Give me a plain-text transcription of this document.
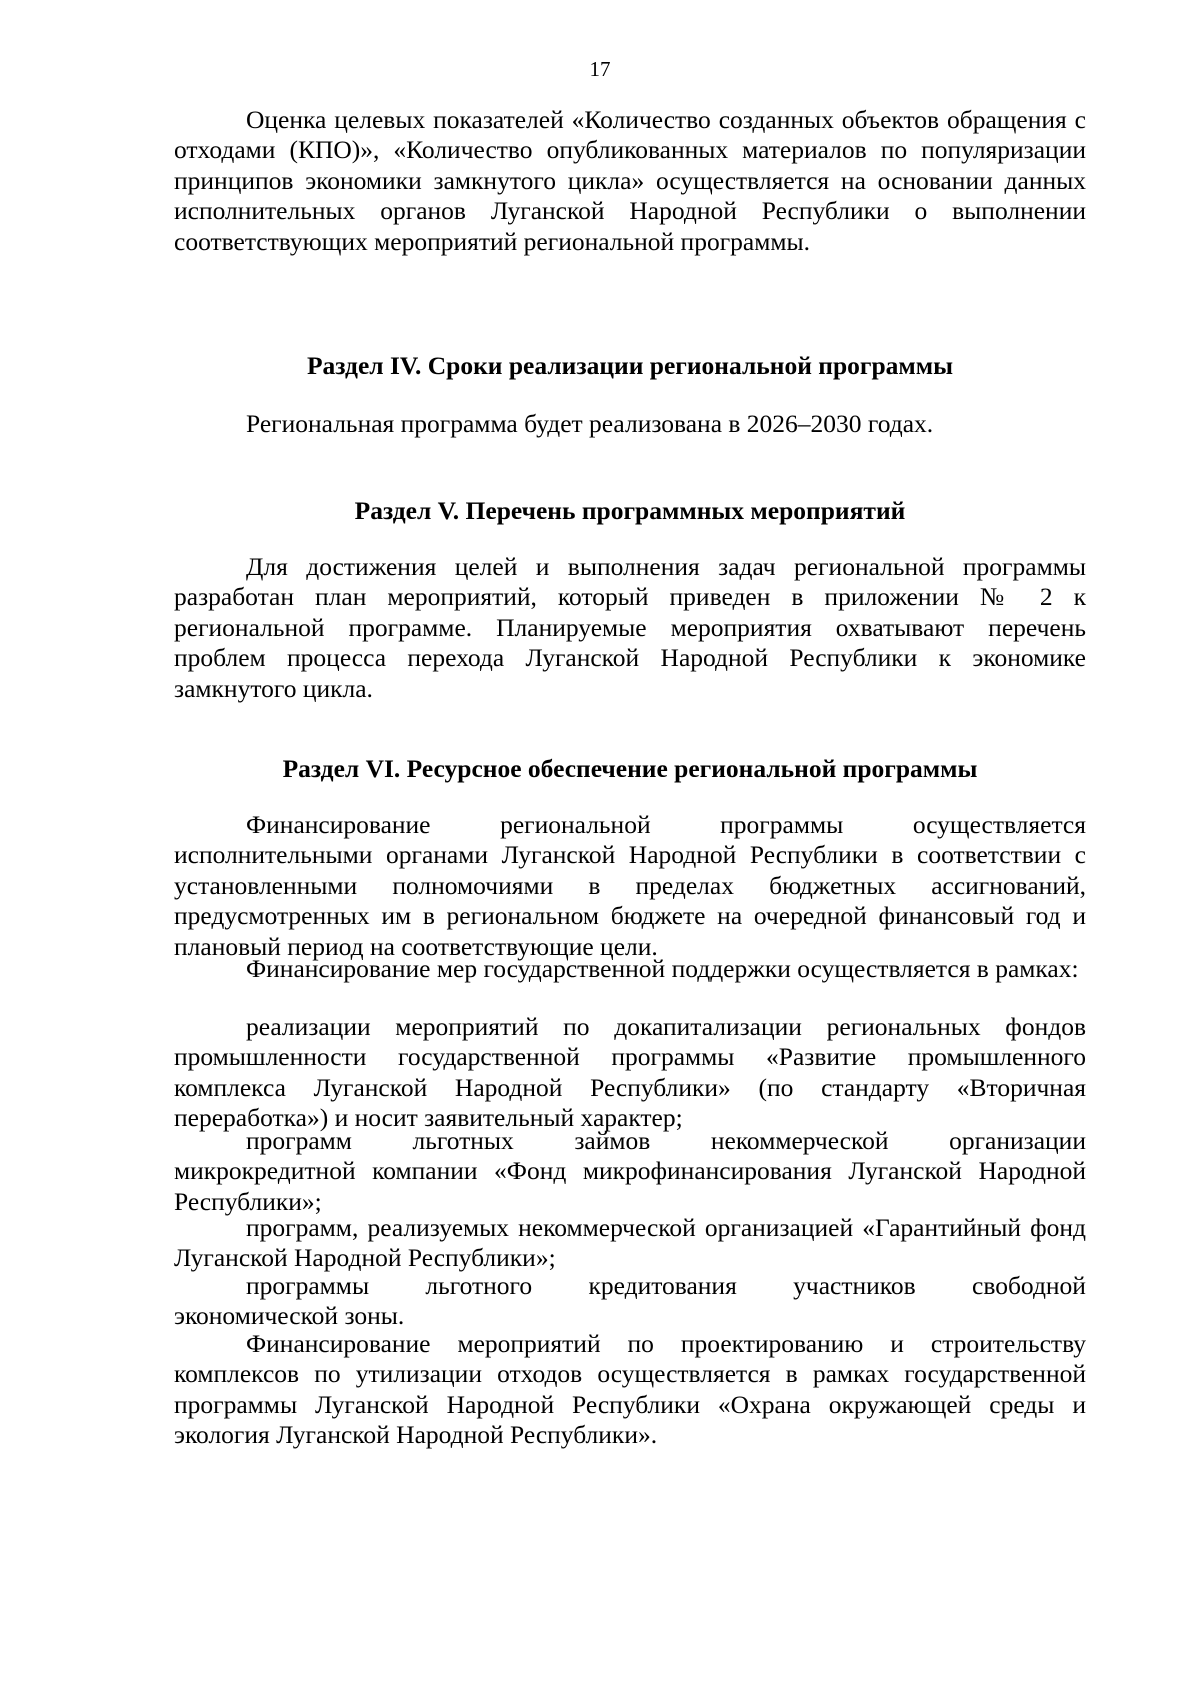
17

Оценка целевых показателей «Количество созданных объектов обращения с отходами (КПО)», «Количество опубликованных материалов по популяризации принципов экономики замкнутого цикла» осуществляется на основании данных исполнительных органов Луганской Народной Республики о выполнении соответствующих мероприятий региональной программы.

Раздел IV. Сроки реализации региональной программы

Региональная программа будет реализована в 2026–2030 годах.

Раздел V. Перечень программных мероприятий

Для достижения целей и выполнения задач региональной программы разработан план мероприятий, который приведен в приложении № 2 к региональной программе. Планируемые мероприятия охватывают перечень проблем процесса перехода Луганской Народной Республики к экономике замкнутого цикла.

Раздел VI. Ресурсное обеспечение региональной программы
Финансирование	региональной	программы	осуществляется

исполнительными органами Луганской Народной Республики в соответствии с установленными полномочиями в пределах бюджетных ассигнований, предусмотренных им в региональном бюджете на очередной финансовый год и плановый период на соответствующие цели.

Финансирование мер государственной поддержки осуществляется в рамках:

реализации мероприятий по докапитализации региональных фондов промышленности государственной программы «Развитие промышленного комплекса Луганской Народной Республики» (по стандарту «Вторичная переработка») и носит заявительный характер;

программ льготных займов некоммерческой организации

микрокредитной компании «Фонд микрофинансирования Луганской Народной Республики»;

программ, реализуемых некоммерческой организацией «Гарантийный фонд Луганской Народной Республики»;

программы льготного кредитования участников свободной

экономической зоны.

Финансирование мероприятий по проектированию и строительству комплексов по утилизации отходов осуществляется в рамках государственной программы Луганской Народной Республики «Охрана окружающей среды и экология Луганской Народной Республики».
